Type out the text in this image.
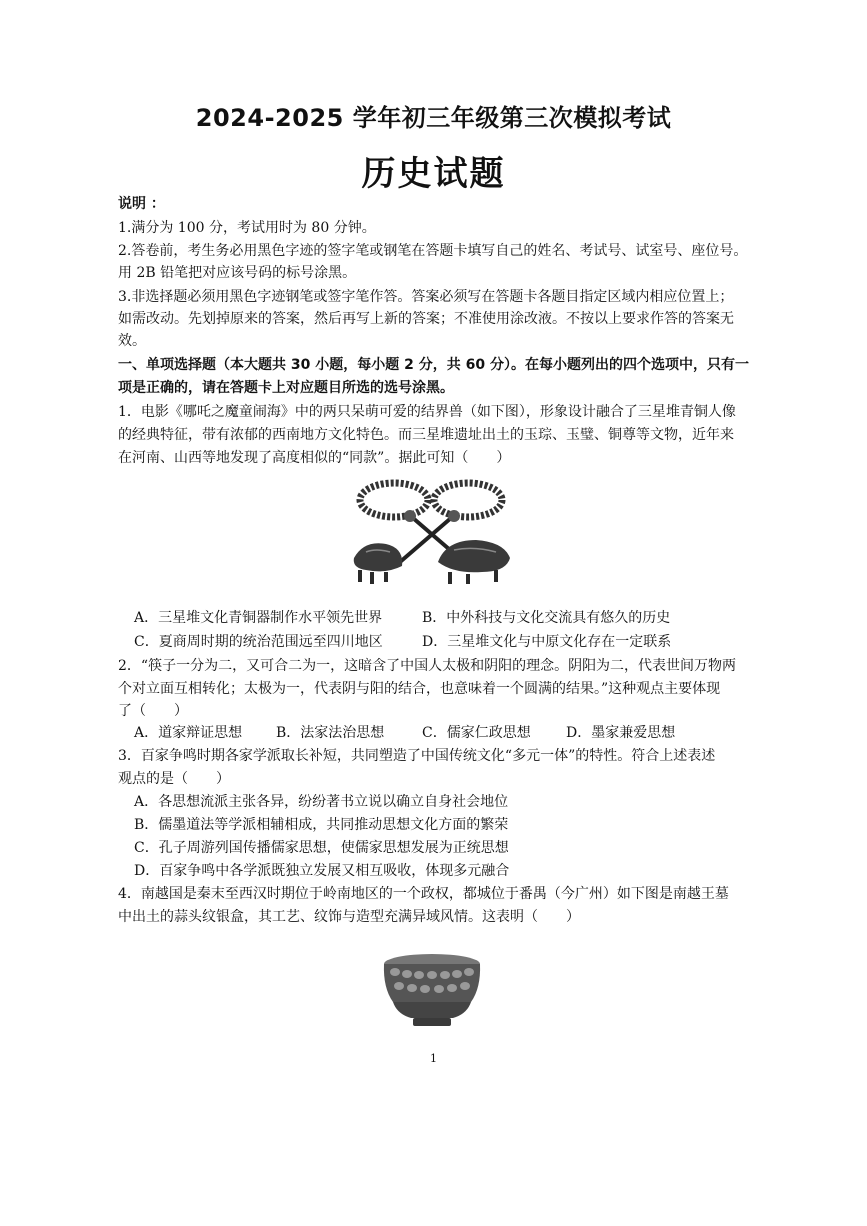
2024-2025 学年初三年级第三次模拟考试
历史试题
说明 ：
1.满分为 100 分，考试用时为 80 分钟。
2.答卷前，考生务必用黑色字迹的签字笔或钢笔在答题卡填写自己的姓名、考试号、试室号、座位号。
用 2B 铅笔把对应该号码的标号涂黑。
3.非选择题必须用黑色字迹钢笔或签字笔作答。答案必须写在答题卡各题目指定区域内相应位置上；
如需改动。先划掉原来的答案，然后再写上新的答案；不准使用涂改液。不按以上要求作答的答案无
效。
一、单项选择题（本大题共 30 小题，每小题 2 分，共 60 分）。在每小题列出的四个选项中，只有一
项是正确的，请在答题卡上对应题目所选的选号涂黑。
1．电影《哪吒之魔童闹海》中的两只呆萌可爱的结界兽（如下图），形象设计融合了三星堆青铜人像
的经典特征，带有浓郁的西南地方文化特色。而三星堆遗址出土的玉琮、玉璧、铜尊等文物，近年来
在河南、山西等地发现了高度相似的“同款”。据此可知（　　）
A．三星堆文化青铜器制作水平领先世界	B．中外科技与文化交流具有悠久的历史
C．夏商周时期的统治范围远至四川地区	D．三星堆文化与中原文化存在一定联系
2．“筷子一分为二，又可合二为一，这暗含了中国人太极和阴阳的理念。阴阳为二，代表世间万物两
个对立面互相转化；太极为一，代表阴与阳的结合，也意味着一个圆满的结果。”这种观点主要体现
了（　　）
A．道家辩证思想 B．法家法治思想	C．儒家仁政思想	D．墨家兼爱思想
3．百家争鸣时期各家学派取长补短，共同塑造了中国传统文化“多元一体”的特性。符合上述表述
观点的是（　　）
A．各思想流派主张各异，纷纷著书立说以确立自身社会地位
B．儒墨道法等学派相辅相成，共同推动思想文化方面的繁荣
C．孔子周游列国传播儒家思想，使儒家思想发展为正统思想
D．百家争鸣中各学派既独立发展又相互吸收，体现多元融合
4．南越国是秦末至西汉时期位于岭南地区的一个政权，都城位于番禺（今广州）如下图是南越王墓
中出土的蒜头纹银盒，其工艺、纹饰与造型充满异域风情。这表明（　　）
1
